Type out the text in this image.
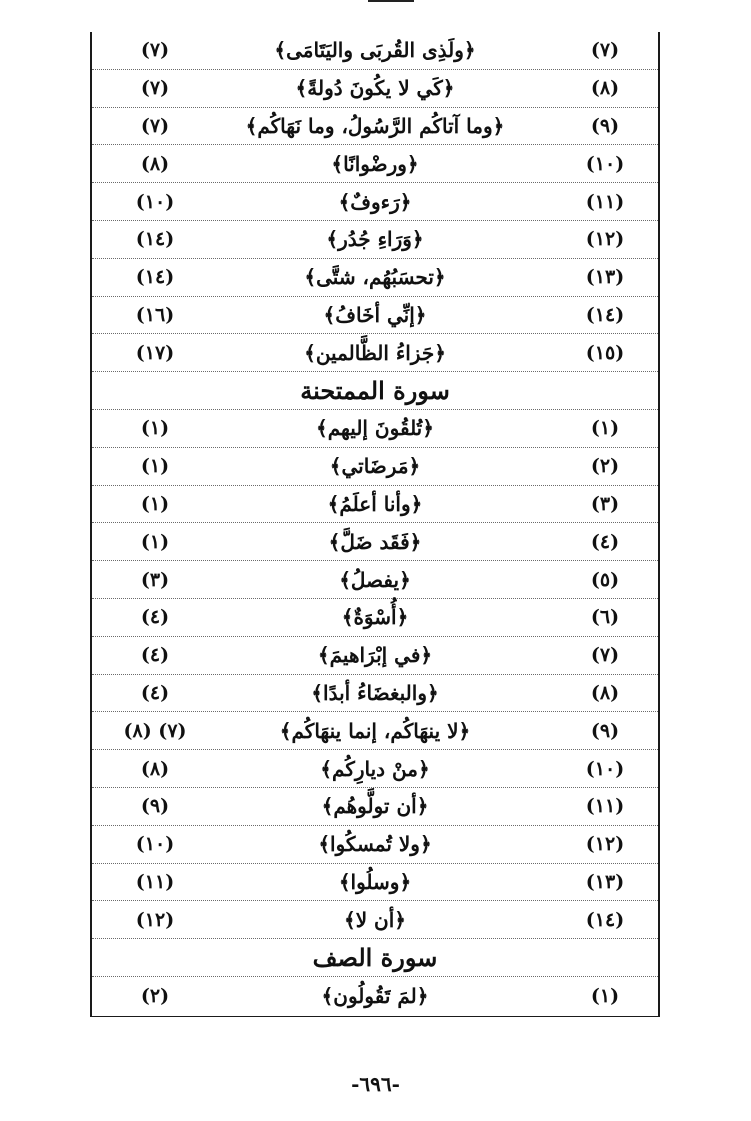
(٧)
﴿ولَذِى القُربَى واليَتَامَى﴾
(٧)
(٨)
﴿كَي لا يكُونَ دُولةً﴾
(٧)
(٩)
﴿وما آتاكُم الرَّسُولُ، وما نَهَاكُم﴾
(٧)
(١٠)
﴿ورضْوانًا﴾
(٨)
(١١)
﴿رَءوفٌ﴾
(١٠)
(١٢)
﴿وَرَاءِ جُدُر﴾
(١٤)
(١٣)
﴿تحسَبُهُم، شتَّى﴾
(١٤)
(١٤)
﴿إنِّي أخَافُ﴾
(١٦)
(١٥)
﴿جَزاءُ الظَّالمين﴾
(١٧)
سورة الممتحنة
(١)
﴿تُلقُونَ إليهم﴾
(١)
(٢)
﴿مَرضَاتي﴾
(١)
(٣)
﴿وأنا أعلَمُ﴾
(١)
(٤)
﴿فَقَد ضَلَّ﴾
(١)
(٥)
﴿يفصلُ﴾
(٣)
(٦)
﴿أُسْوَةٌ﴾
(٤)
(٧)
﴿في إبْرَاهيمَ﴾
(٤)
(٨)
﴿والبغضَاءُ أبدًا﴾
(٤)
(٩)
﴿لا ينهَاكُم، إنما ينهَاكُم﴾
(٧) (٨)
(١٠)
﴿منْ ديارِكُم﴾
(٨)
(١١)
﴿أن تولَّوهُم﴾
(٩)
(١٢)
﴿ولا تُمسكُوا﴾
(١٠)
(١٣)
﴿وسلُوا﴾
(١١)
(١٤)
﴿أن لا﴾
(١٢)
سورة الصف
(١)
﴿لمَ تَقُولُون﴾
(٢)
-٦٩٦-
